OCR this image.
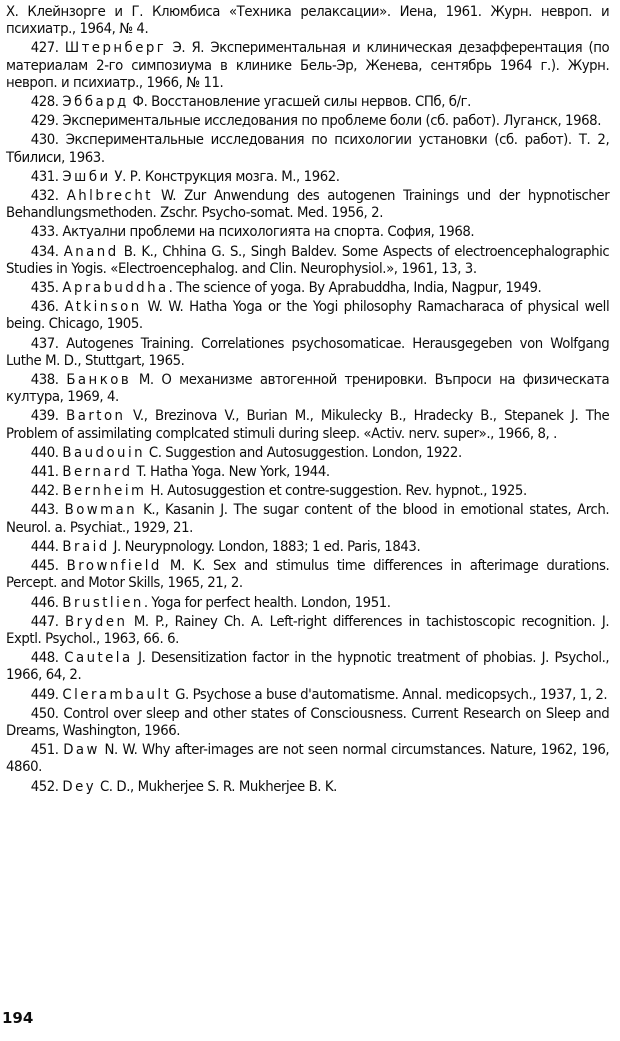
Х. Клейнзорге и Г. Клюмбиса «Техника релаксации». Иена, 1961. Журн. невроп. и психиатр., 1964, № 4.

427. Штернберг Э. Я. Экспериментальная и клиническая дезафферентация (по материалам 2-го симпозиума в клинике Бель-Эр, Женева, сентябрь 1964 г.). Журн. невроп. и психиатр., 1966, № 11.

428. Эббард Ф. Восстановление угасшей силы нервов. СПб, б/г.

429. Экспериментальные исследования по проблеме боли (сб. работ). Луганск, 1968.

430. Экспериментальные исследования по психологии установки (сб. работ). Т. 2, Тбилиси, 1963.

431. Эшби У. Р. Конструкция мозга. М., 1962.

432. Ahlbrecht W. Zur Anwendung des autogenen Trainings und der hypnotischer Behandlungsmethoden. Zschr. Psycho-somat. Med. 1956, 2.

433. Актуални проблеми на психологията на спорта. София, 1968.

434. Anand B. K., Chhina G. S., Singh Baldev. Some Aspects of electroencephalographic Studies in Yogis. «Electroencephalog. and Clin. Neurophysiol.», 1961, 13, 3.

435. Aprabuddha. The science of yoga. By Aprabuddha, India, Nagpur, 1949.

436. Atkinson W. W. Hatha Yoga or the Yogi philosophy Ramacharaca of physical well being. Chicago, 1905.

437. Autogenes Training. Correlationes psychosomaticae. Herausgegeben von Wolfgang Luthe M. D., Stuttgart, 1965.

438. Банков М. О механизме автогенной тренировки. Въпроси на физическата култура, 1969, 4.

439. Barton V., Brezinova V., Burian M., Mikulecky B., Hradecky B., Stepanek J. The Problem of assimilating complcated stimuli during sleep. «Activ. nerv. super»., 1966, 8, .

440. Baudouin C. Suggestion and Autosuggestion. London, 1922.

441. Bernard T. Hatha Yoga. New York, 1944.

442. Bernheim H. Autosuggestion et contre-suggestion. Rev. hypnot., 1925.

443. Bowman K., Kasanin J. The sugar content of the blood in emotional states, Arch. Neurol. a. Psychiat., 1929, 21.

444. Braid J. Neurypnology. London, 1883; 1 ed. Paris, 1843.

445. Brownfield M. K. Sex and stimulus time differences in afterimage durations. Percept. and Motor Skills, 1965, 21, 2.

446. Brustlien. Yoga for perfect health. London, 1951.

447. Bryden M. P., Rainey Ch. A. Left-right differences in tachistoscopic recognition. J. Exptl. Psychol., 1963, 66. 6.

448. Cautela J. Desensitization factor in the hypnotic treatment of phobias. J. Psychol., 1966, 64, 2.

449. Clerambault G. Psychose a buse d'automatisme. Annal. medicopsych., 1937, 1, 2.

450. Control over sleep and other states of Consciousness. Current Research on Sleep and Dreams, Washington, 1966.

451. Daw N. W. Why after-images are not seen normal circumstances. Nature, 1962, 196, 4860.

452. Dey C. D., Mukherjee S. R. Mukherjee B. K.

194
